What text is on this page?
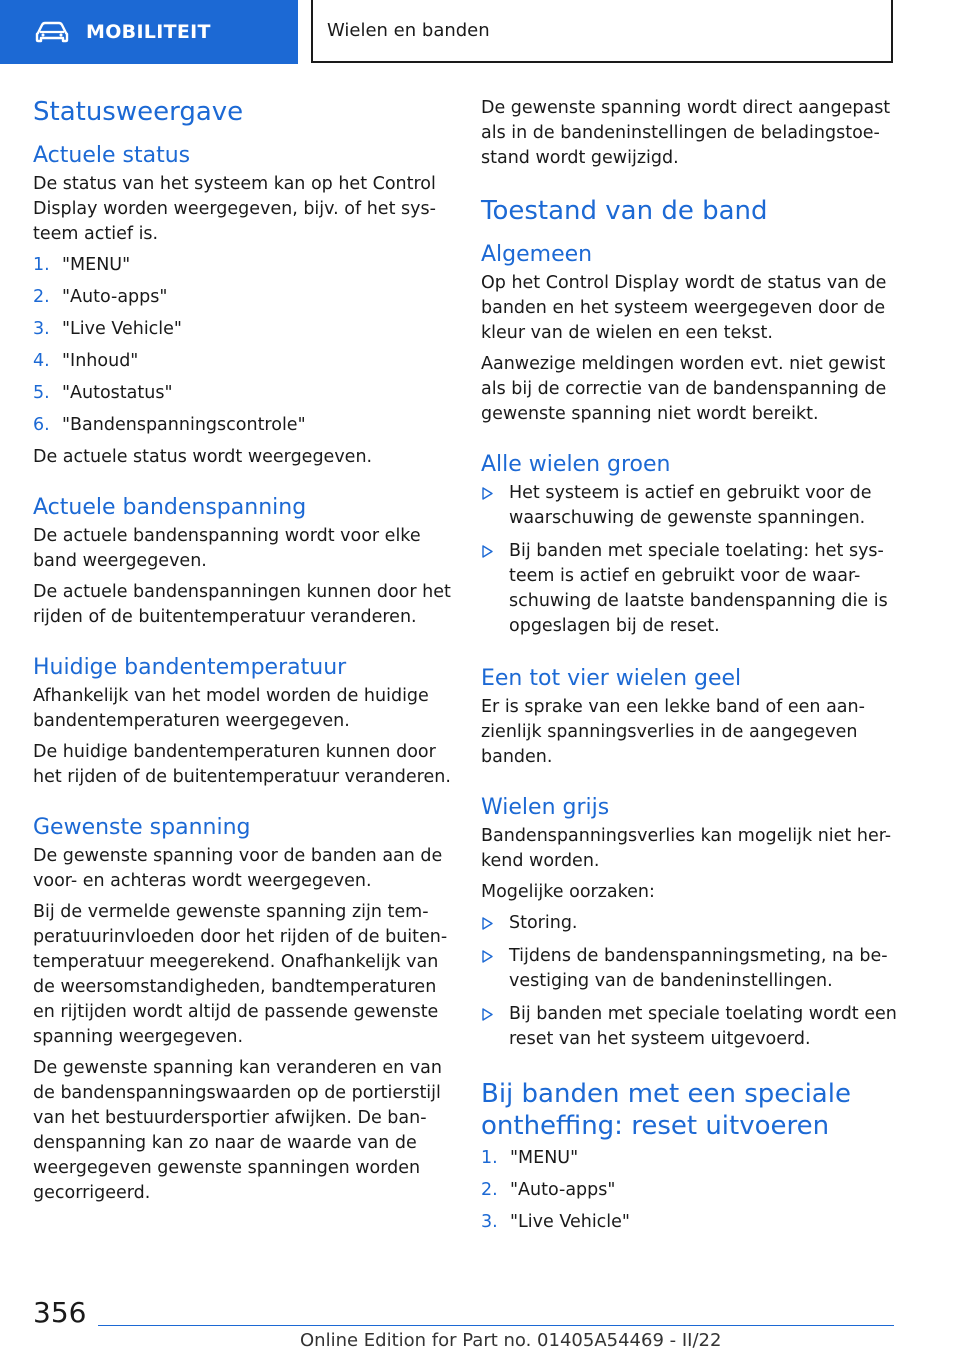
MOBILITEIT	Wielen en banden
Statusweergave
Actuele status

De status van het systeem kan op het Control Display worden weergegeven, bijv. of het sys-teem actief is.

1. "MENU"
2. "Auto-apps"
3. "Live Vehicle"
4. "Inhoud"
5. "Autostatus"
6. "Bandenspanningscontrole"

De actuele status wordt weergegeven.

Actuele bandenspanning

De actuele bandenspanning wordt voor elke band weergegeven.

De actuele bandenspanningen kunnen door het rijden of de buitentemperatuur veranderen.

Huidige bandentemperatuur

Afhankelijk van het model worden de huidige bandentemperaturen weergegeven.

De huidige bandentemperaturen kunnen door het rijden of de buitentemperatuur veranderen.

Gewenste spanning

De gewenste spanning voor de banden aan de voor- en achteras wordt weergegeven.

Bij de vermelde gewenste spanning zijn tem-peratuurinvloeden door het rijden of de buiten-temperatuur meegerekend. Onafhankelijk van de weersomstandigheden, bandtemperaturen en rijtijden wordt altijd de passende gewenste spanning weergegeven.

De gewenste spanning kan veranderen en van de bandenspanningswaarden op de portierstijl van het bestuurdersportier afwijken. De ban-denspanning kan zo naar de waarde van de weergegeven gewenste spanningen worden gecorrigeerd.

De gewenste spanning wordt direct aangepast als in de bandeninstellingen de beladingstoe-stand wordt gewijzigd.

Toestand van de band
Algemeen

Op het Control Display wordt de status van de banden en het systeem weergegeven door de kleur van de wielen en een tekst.

Aanwezige meldingen worden evt. niet gewist als bij de correctie van de bandenspanning de gewenste spanning niet wordt bereikt.

Alle wielen groen
Het systeem is actief en gebruikt voor de waarschuwing de gewenste spanningen.
Bij banden met speciale toelating: het sys-teem is actief en gebruikt voor de waar-schuwing de laatste bandenspanning die is opgeslagen bij de reset.
Een tot vier wielen geel

Er is sprake van een lekke band of een aan-zienlijk spanningsverlies in de aangegeven banden.

Wielen grijs

Bandenspanningsverlies kan mogelijk niet her-kend worden.

Mogelijke oorzaken:

Storing.
Tijdens de bandenspanningsmeting, na be-vestiging van de bandeninstellingen.
Bij banden met speciale toelating wordt een reset van het systeem uitgevoerd.
Bij banden met een speciale ontheffing: reset uitvoeren
1. "MENU"
2. "Auto-apps"
3. "Live Vehicle"
356
Online Edition for Part no. 01405A54469 - II/22
